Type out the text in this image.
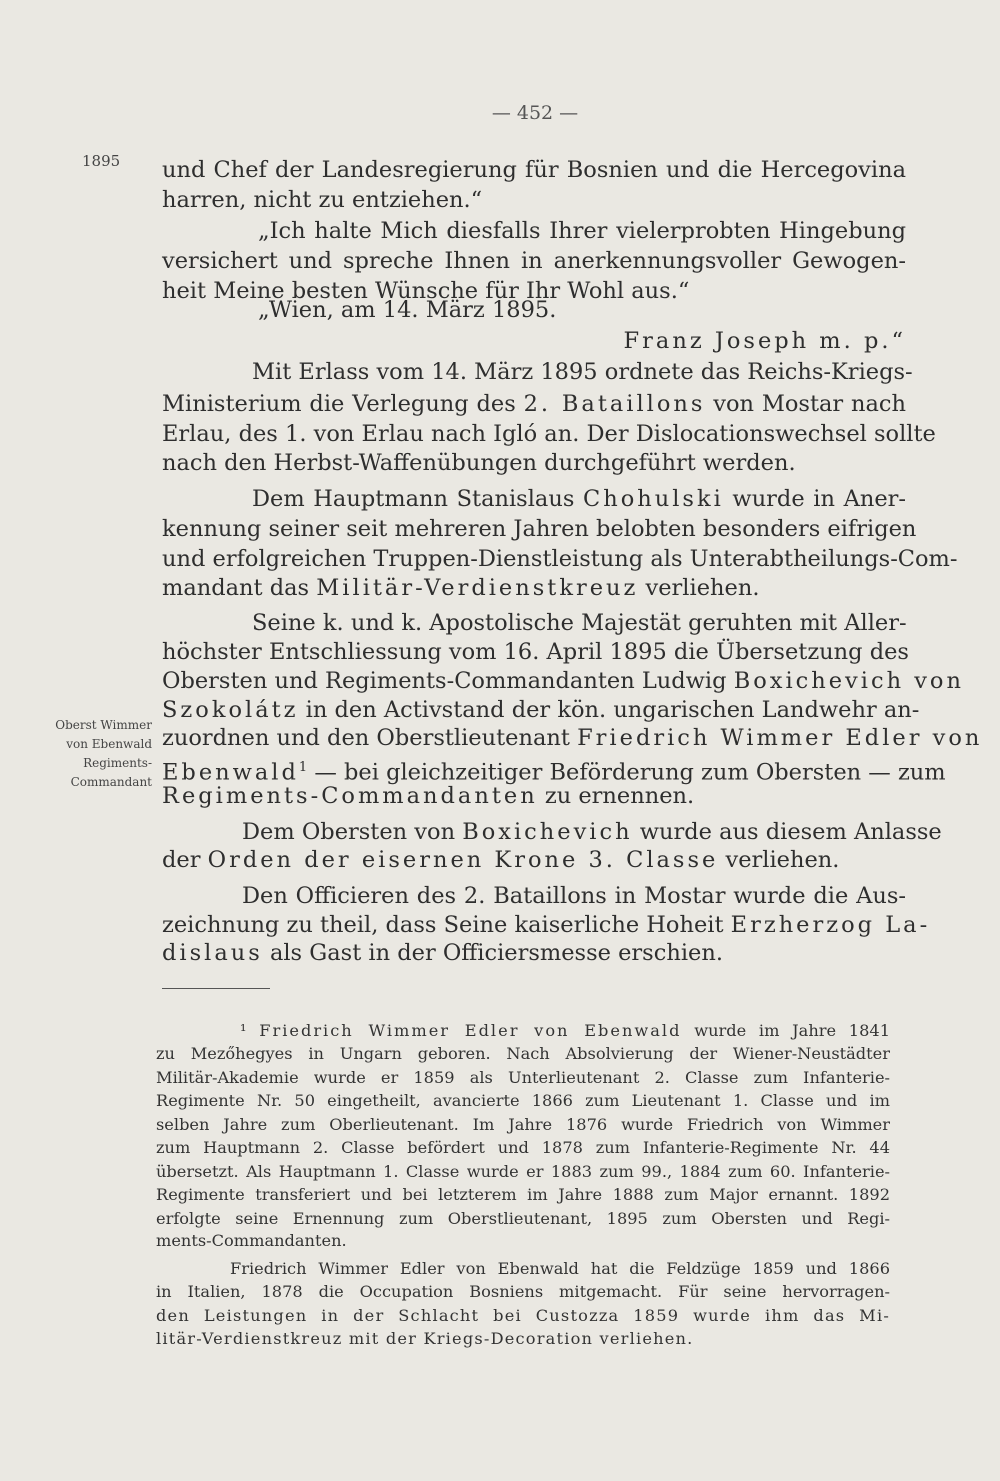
— 452 —
1895
Oberst Wimmer
von Ebenwald
Regiments-
Commandant
und Chef der Landesregierung für Bosnien und die Hercegovina
harren, nicht zu entziehen.“
„Ich halte Mich diesfalls Ihrer vielerprobten Hingebung
versichert und spreche Ihnen in anerkennungsvoller Gewogen-
heit Meine besten Wünsche für Ihr Wohl aus.“
„Wien, am 14. März 1895.
Franz Joseph m. p.“
Mit Erlass vom 14. März 1895 ordnete das Reichs-Kriegs-
Ministerium die Verlegung des 2. Bataillons von Mostar nach
Erlau, des 1. von Erlau nach Igló an. Der Dislocationswechsel sollte
nach den Herbst-Waffenübungen durchgeführt werden.
Dem Hauptmann Stanislaus Chohulski wurde in Aner-
kennung seiner seit mehreren Jahren belobten besonders eifrigen
und erfolgreichen Truppen-Dienstleistung als Unterabtheilungs-Com-
mandant das Militär-Verdienstkreuz verliehen.
Seine k. und k. Apostolische Majestät geruhten mit Aller-
höchster Entschliessung vom 16. April 1895 die Übersetzung des
Obersten und Regiments-Commandanten Ludwig Boxichevich von
Szokolátz in den Activstand der kön. ungarischen Landwehr an-
zuordnen und den Oberstlieutenant Friedrich Wimmer Edler von
Ebenwald$^1$ — bei gleichzeitiger Beförderung zum Obersten — zum
Regiments-Commandanten zu ernennen.
Dem Obersten von Boxichevich wurde aus diesem Anlasse
der Orden der eisernen Krone 3. Classe verliehen.
Den Officieren des 2. Bataillons in Mostar wurde die Aus-
zeichnung zu theil, dass Seine kaiserliche Hoheit Erzherzog La-
dislaus als Gast in der Officiersmesse erschien.
¹ Friedrich Wimmer Edler von Ebenwald wurde im Jahre 1841
zu Mezőhegyes in Ungarn geboren. Nach Absolvierung der Wiener-Neustädter
Militär-Akademie wurde er 1859 als Unterlieutenant 2. Classe zum Infanterie-
Regimente Nr. 50 eingetheilt, avancierte 1866 zum Lieutenant 1. Classe und im
selben Jahre zum Oberlieutenant. Im Jahre 1876 wurde Friedrich von Wimmer
zum Hauptmann 2. Classe befördert und 1878 zum Infanterie-Regimente Nr. 44
übersetzt. Als Hauptmann 1. Classe wurde er 1883 zum 99., 1884 zum 60. Infanterie-
Regimente transferiert und bei letzterem im Jahre 1888 zum Major ernannt. 1892
erfolgte seine Ernennung zum Oberstlieutenant, 1895 zum Obersten und Regi-
ments-Commandanten.
Friedrich Wimmer Edler von Ebenwald hat die Feldzüge 1859 und 1866
in Italien, 1878 die Occupation Bosniens mitgemacht. Für seine hervorragen-
den Leistungen in der Schlacht bei Custozza 1859 wurde ihm das Mi-
litär-Verdienstkreuz mit der Kriegs-Decoration verliehen.
